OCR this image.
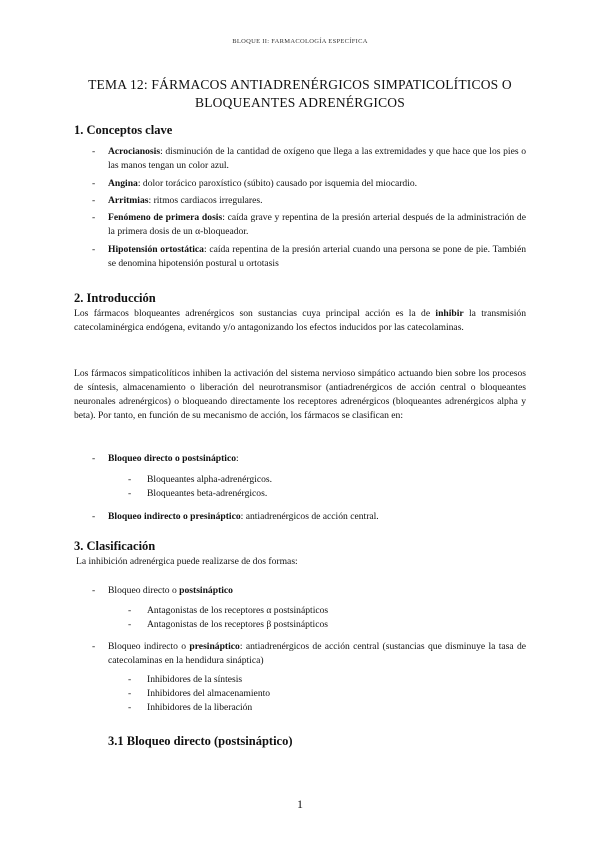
BLOQUE II: FARMACOLOGÍA ESPECÍFICA
TEMA 12: FÁRMACOS ANTIADRENÉRGICOS SIMPATICOLÍTICOS O
BLOQUEANTES ADRENÉRGICOS
1. Conceptos clave
- Acrocianosis: disminución de la cantidad de oxígeno que llega a las extremidades y que hace que los pies o las manos tengan un color azul.
- Angina: dolor torácico paroxístico (súbito) causado por isquemia del miocardio.
- Arritmias: ritmos cardiacos irregulares.
- Fenómeno de primera dosis: caída grave y repentina de la presión arterial después de la administración de la primera dosis de un α-bloqueador.
- Hipotensión ortostática: caída repentina de la presión arterial cuando una persona se pone de pie. También se denomina hipotensión postural u ortotasis
2. Introducción
Los fármacos bloqueantes adrenérgicos son sustancias cuya principal acción es la de inhibir la transmisión catecolaminérgica endógena, evitando y/o antagonizando los efectos inducidos por las catecolaminas.
Los fármacos simpaticolíticos inhiben la activación del sistema nervioso simpático actuando bien sobre los procesos de síntesis, almacenamiento o liberación del neurotransmisor (antiadrenérgicos de acción central o bloqueantes neuronales adrenérgicos) o bloqueando directamente los receptores adrenérgicos (bloqueantes adrenérgicos alpha y beta). Por tanto, en función de su mecanismo de acción, los fármacos se clasifican en:
- Bloqueo directo o postsináptico:
- Bloqueantes alpha-adrenérgicos.
- Bloqueantes beta-adrenérgicos.
- Bloqueo indirecto o presináptico: antiadrenérgicos de acción central.
3. Clasificación
La inhibición adrenérgica puede realizarse de dos formas:
- Bloqueo directo o postsináptico
- Antagonistas de los receptores α postsinápticos
- Antagonistas de los receptores β postsinápticos
- Bloqueo indirecto o presináptico: antiadrenérgicos de acción central (sustancias que disminuye la tasa de catecolaminas en la hendidura sináptica)
- Inhibidores de la síntesis
- Inhibidores del almacenamiento
- Inhibidores de la liberación
3.1 Bloqueo directo (postsináptico)
1
